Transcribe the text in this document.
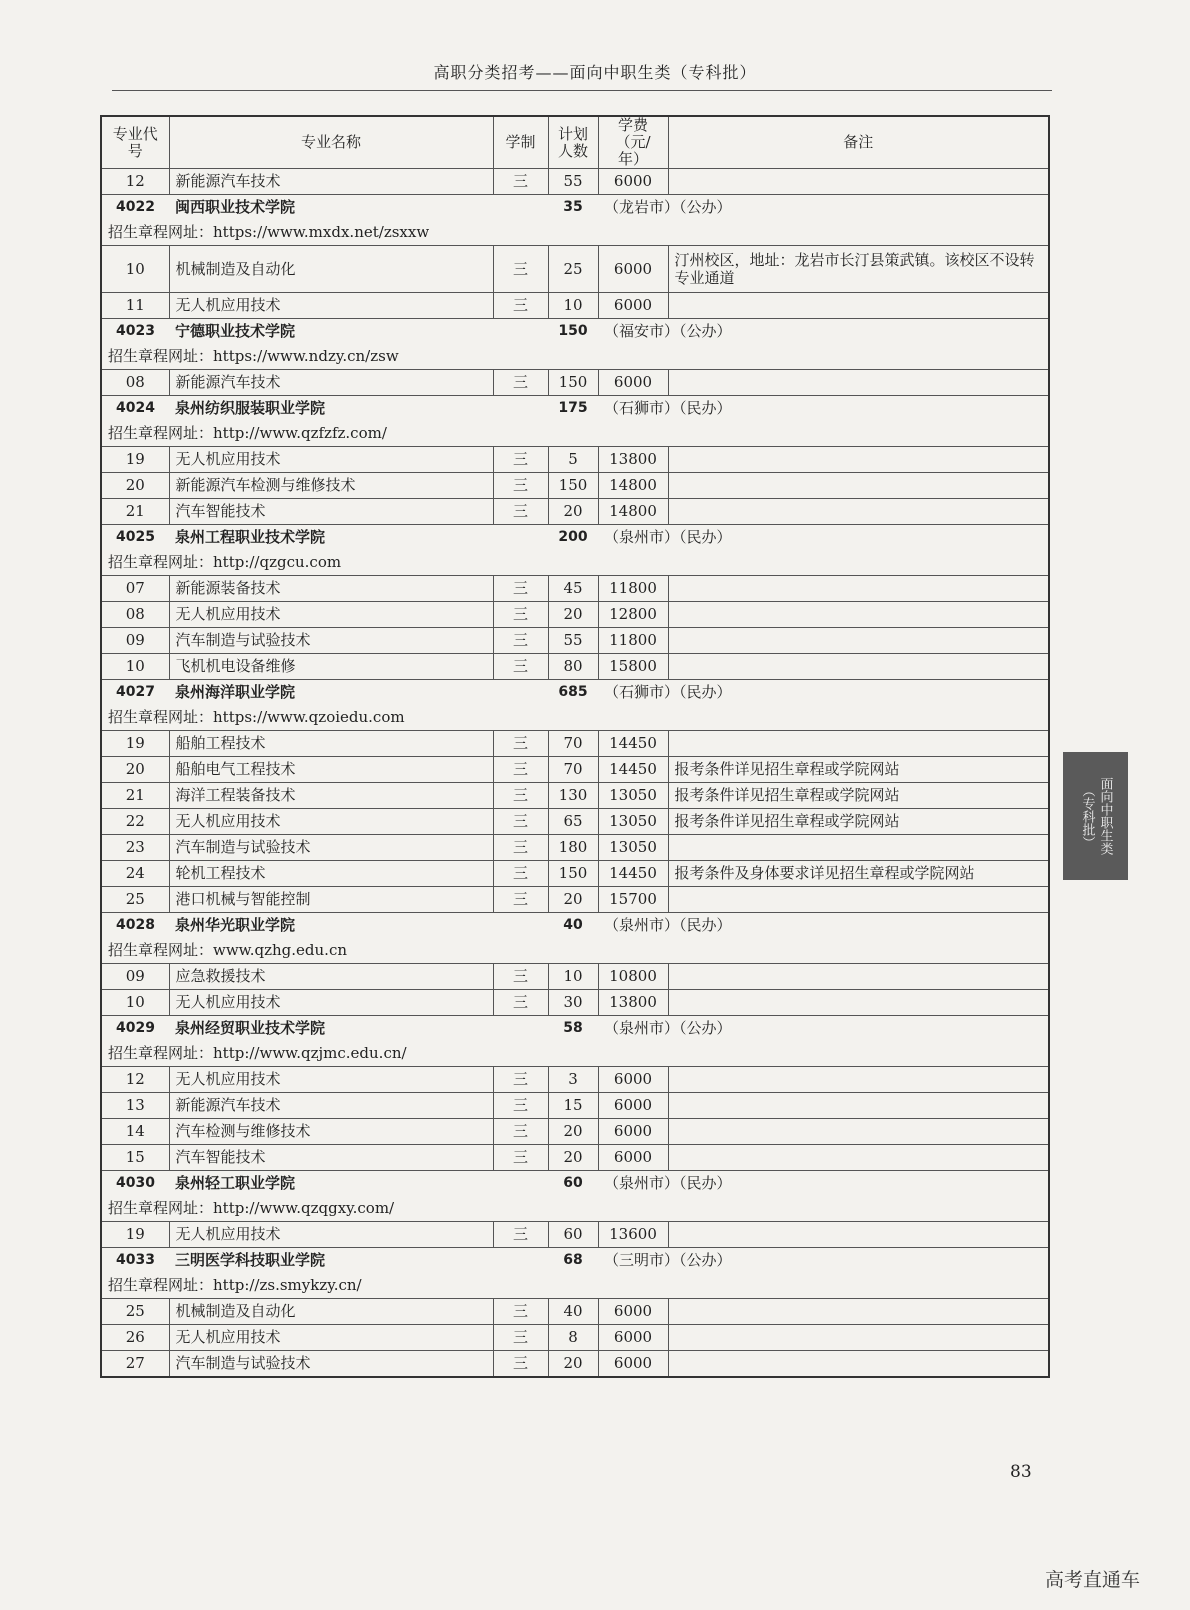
高职分类招考——面向中职生类（专科批）
专业代号	专业名称	学制	计划人数	学费（元/年）	备注
12	新能源汽车技术	三	55	6000	
4022	闽西职业技术学院		35	（龙岩市）（公办）	
招生章程网址：https://www.mxdx.net/zsxxw					
10	机械制造及自动化	三	25	6000	汀州校区，地址：龙岩市长汀县策武镇。该校区不设转专业通道
11	无人机应用技术	三	10	6000	
4023	宁德职业技术学院		150	（福安市）（公办）	
招生章程网址：https://www.ndzy.cn/zsw					
08	新能源汽车技术	三	150	6000	
4024	泉州纺织服装职业学院		175	（石狮市）（民办）	
招生章程网址：http://www.qzfzfz.com/					
19	无人机应用技术	三	5	13800	
20	新能源汽车检测与维修技术	三	150	14800	
21	汽车智能技术	三	20	14800	
4025	泉州工程职业技术学院		200	（泉州市）（民办）	
招生章程网址：http://qzgcu.com					
07	新能源装备技术	三	45	11800	
08	无人机应用技术	三	20	12800	
09	汽车制造与试验技术	三	55	11800	
10	飞机机电设备维修	三	80	15800	
4027	泉州海洋职业学院		685	（石狮市）（民办）	
招生章程网址：https://www.qzoiedu.com					
19	船舶工程技术	三	70	14450	
20	船舶电气工程技术	三	70	14450	报考条件详见招生章程或学院网站
21	海洋工程装备技术	三	130	13050	报考条件详见招生章程或学院网站
22	无人机应用技术	三	65	13050	报考条件详见招生章程或学院网站
23	汽车制造与试验技术	三	180	13050	
24	轮机工程技术	三	150	14450	报考条件及身体要求详见招生章程或学院网站
25	港口机械与智能控制	三	20	15700	
4028	泉州华光职业学院		40	（泉州市）（民办）	
招生章程网址：www.qzhg.edu.cn					
09	应急救援技术	三	10	10800	
10	无人机应用技术	三	30	13800	
4029	泉州经贸职业技术学院		58	（泉州市）（公办）	
招生章程网址：http://www.qzjmc.edu.cn/					
12	无人机应用技术	三	3	6000	
13	新能源汽车技术	三	15	6000	
14	汽车检测与维修技术	三	20	6000	
15	汽车智能技术	三	20	6000	
4030	泉州轻工职业学院		60	（泉州市）（民办）	
招生章程网址：http://www.qzqgxy.com/					
19	无人机应用技术	三	60	13600	
4033	三明医学科技职业学院		68	（三明市）（公办）	
招生章程网址：http://zs.smykzy.cn/					
25	机械制造及自动化	三	40	6000	
26	无人机应用技术	三	8	6000	
27	汽车制造与试验技术	三	20	6000	
面向中职生类
（专科批）
83
高考直通车
